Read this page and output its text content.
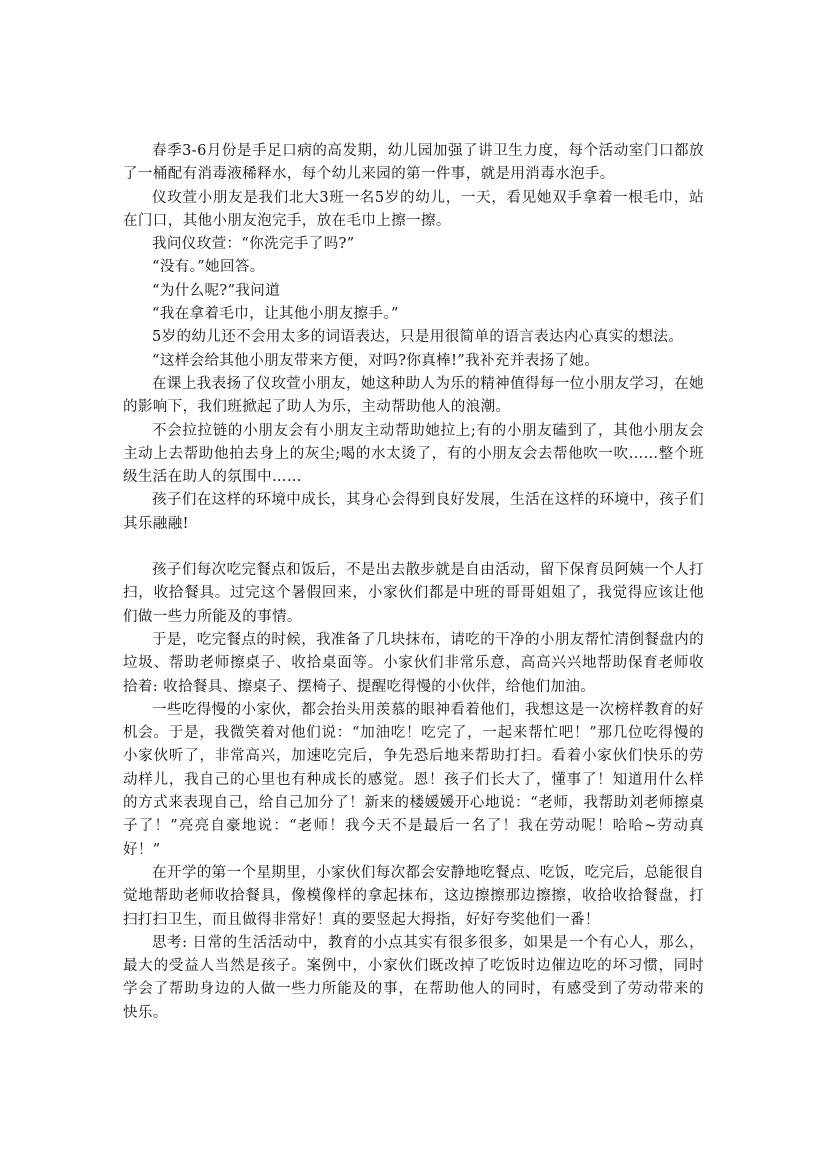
春季3-6月份是手足口病的高发期，幼儿园加强了讲卫生力度，每个活动室门口都放了一桶配有消毒液稀释水，每个幼儿来园的第一件事，就是用消毒水泡手。

仪玫萱小朋友是我们北大3班一名5岁的幼儿，一天，看见她双手拿着一根毛巾，站在门口，其他小朋友泡完手，放在毛巾上擦一擦。

我问仪玫萱：“你洗完手了吗?”

“没有。”她回答。

“为什么呢?”我问道

“我在拿着毛巾，让其他小朋友擦手。”

5岁的幼儿还不会用太多的词语表达，只是用很简单的语言表达内心真实的想法。

“这样会给其他小朋友带来方便，对吗?你真棒!”我补充并表扬了她。

在课上我表扬了仪玫萱小朋友，她这种助人为乐的精神值得每一位小朋友学习，在她的影响下，我们班掀起了助人为乐，主动帮助他人的浪潮。

不会拉拉链的小朋友会有小朋友主动帮助她拉上;有的小朋友磕到了，其他小朋友会主动上去帮助他拍去身上的灰尘;喝的水太烫了，有的小朋友会去帮他吹一吹……整个班级生活在助人的氛围中……

孩子们在这样的环境中成长，其身心会得到良好发展，生活在这样的环境中，孩子们其乐融融!

孩子们每次吃完餐点和饭后，不是出去散步就是自由活动，留下保育员阿姨一个人打扫，收拾餐具。过完这个暑假回来，小家伙们都是中班的哥哥姐姐了，我觉得应该让他们做一些力所能及的事情。

于是，吃完餐点的时候，我准备了几块抹布，请吃的干净的小朋友帮忙清倒餐盘内的垃圾、帮助老师擦桌子、收拾桌面等。小家伙们非常乐意，高高兴兴地帮助保育老师收拾着: 收拾餐具、擦桌子、摆椅子、提醒吃得慢的小伙伴，给他们加油。

一些吃得慢的小家伙，都会抬头用羡慕的眼神看着他们，我想这是一次榜样教育的好机会。于是，我微笑着对他们说：“加油吃！吃完了，一起来帮忙吧！”那几位吃得慢的小家伙听了，非常高兴，加速吃完后，争先恐后地来帮助打扫。看着小家伙们快乐的劳动样儿，我自己的心里也有种成长的感觉。恩！孩子们长大了，懂事了！知道用什么样的方式来表现自己，给自己加分了！新来的楼媛媛开心地说：“老师，我帮助刘老师擦桌子了！”亮亮自豪地说：“老师！我今天不是最后一名了！我在劳动呢！哈哈~劳动真好！”

在开学的第一个星期里，小家伙们每次都会安静地吃餐点、吃饭，吃完后，总能很自觉地帮助老师收拾餐具，像模像样的拿起抹布，这边擦擦那边擦擦，收拾收拾餐盘，打扫打扫卫生，而且做得非常好！真的要竖起大拇指，好好夸奖他们一番！

思考: 日常的生活活动中，教育的小点其实有很多很多，如果是一个有心人，那么，最大的受益人当然是孩子。案例中，小家伙们既改掉了吃饭时边催边吃的坏习惯，同时学会了帮助身边的人做一些力所能及的事，在帮助他人的同时，有感受到了劳动带来的快乐。
